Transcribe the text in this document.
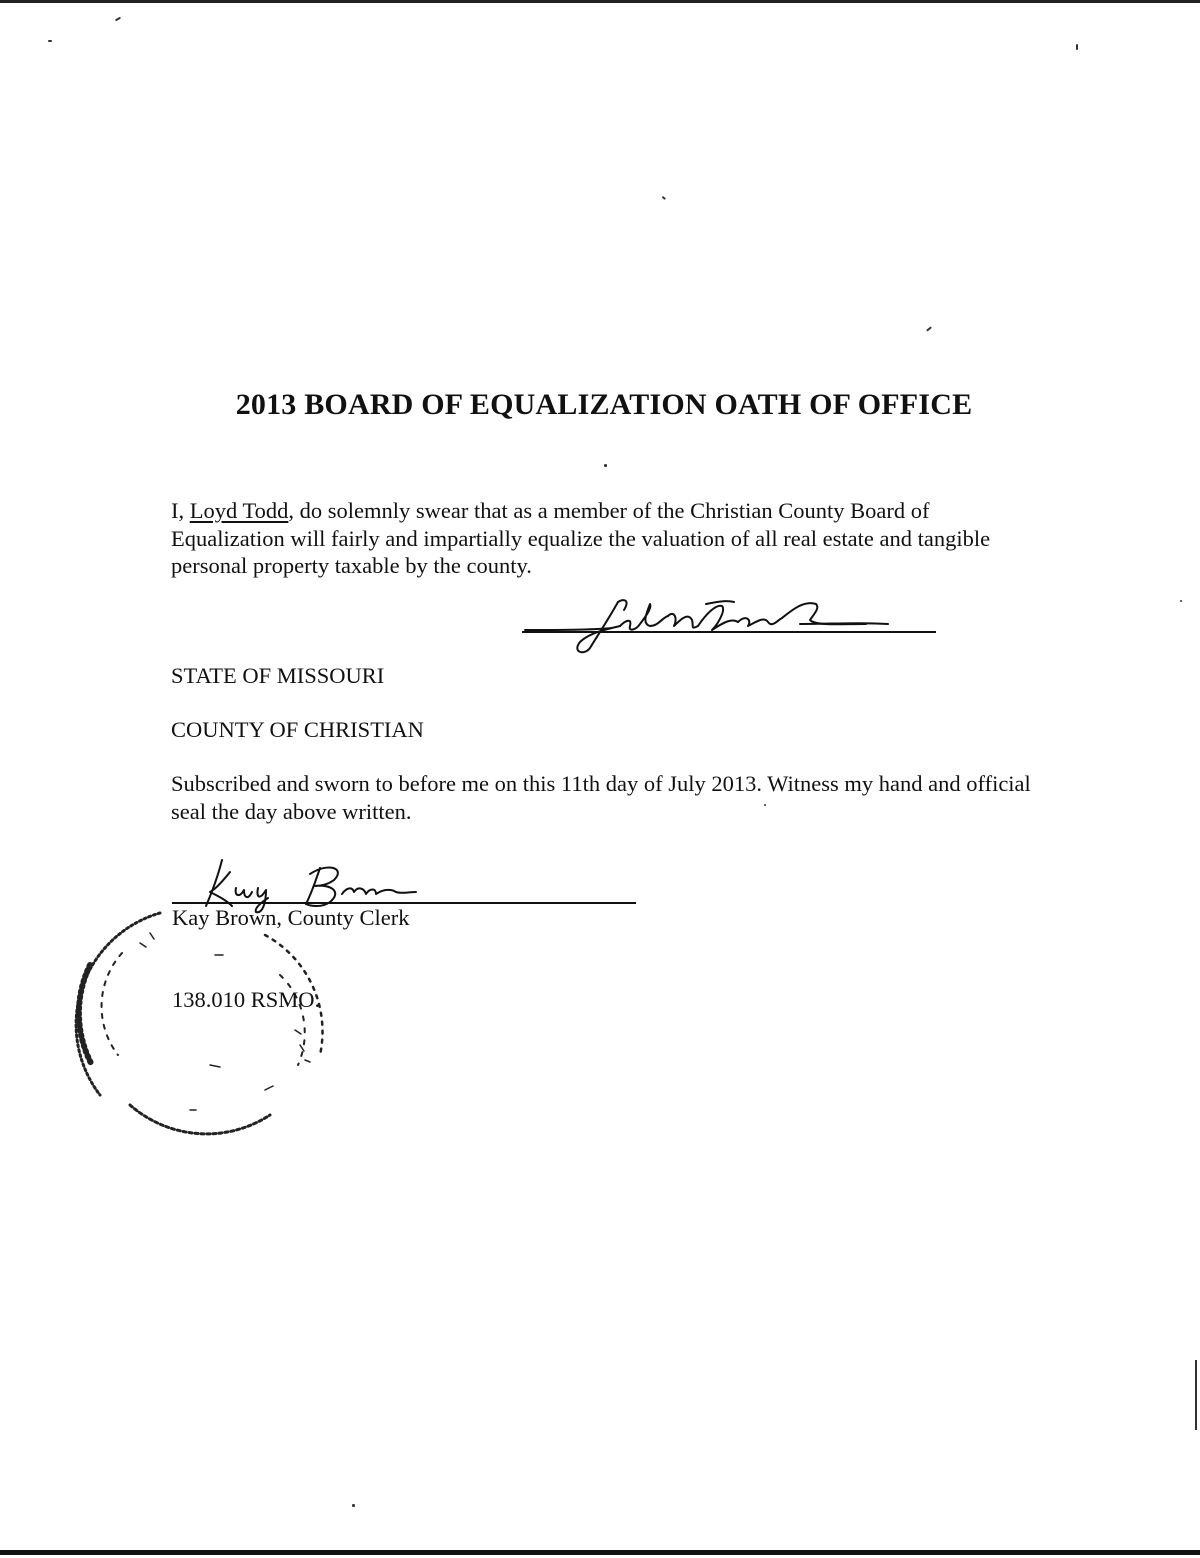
2013 BOARD OF EQUALIZATION OATH OF OFFICE

I, Loyd Todd, do solemnly swear that as a member of the Christian County Board of Equalization will fairly and impartially equalize the valuation of all real estate and tangible personal property taxable by the county.

STATE OF MISSOURI

COUNTY OF CHRISTIAN

Subscribed and sworn to before me on this 11th day of July 2013. Witness my hand and official seal the day above written.

Kay Brown, County Clerk

138.010 RSMO.
